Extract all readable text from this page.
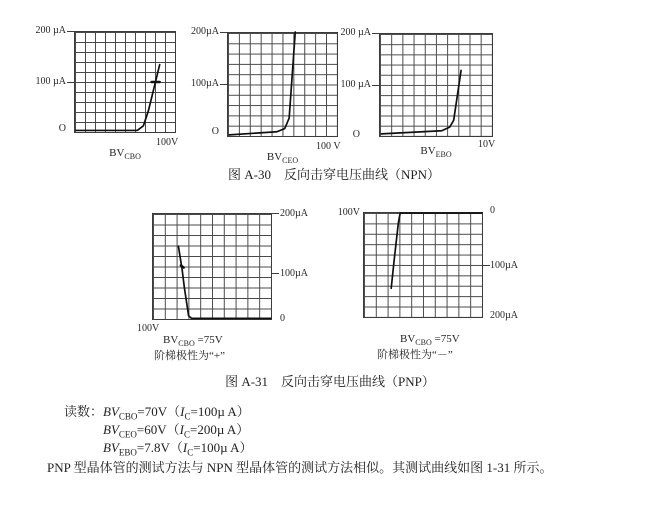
200 µA
100 µA
O
100V
$BV_{CBO}$
200µA
100µA
O
100 V
$BV_{CEO}$
200 µA
100 µA
O
10V
$BV_{EBO}$
图 A-30　反向击穿电压曲线（NPN）
200µA
100µA
0
100V
$BV_{CBO} =75V$
阶梯极性为“+”
100V	0
100µA
200µA
$BV_{CBO} =75V$
阶梯极性为“－”
图 A-31　反向击穿电压曲线（PNP）
读数： $BV_{CBO}=70V(I_C=100\mu$ A）
$BV_{CEO}=60V(I_C=200\mu$ A）
$BV_{EBO}=7.8V(I_C=100\mu$ A）
PNP 型晶体管的测试方法与 NPN 型晶体管的测试方法相似。其测试曲线如图 1-31 所示。
